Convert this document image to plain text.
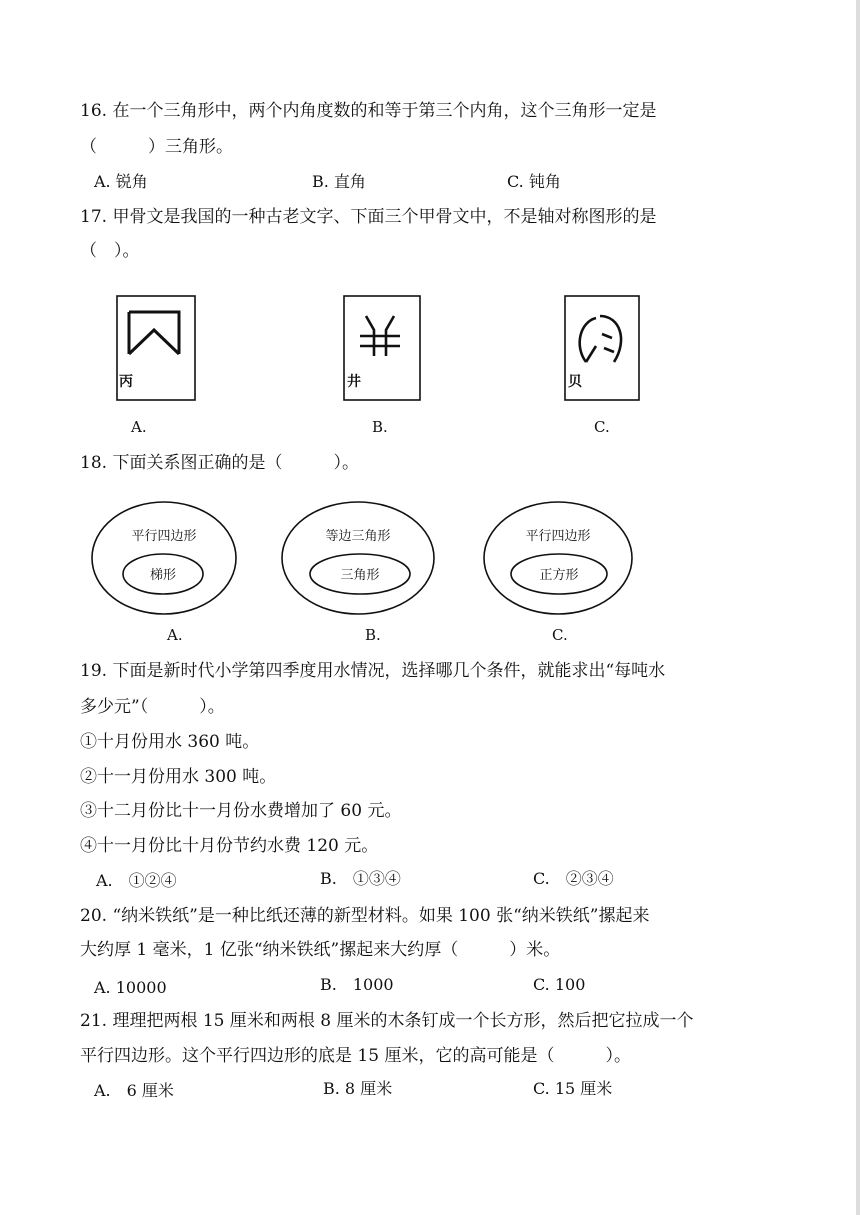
16. 在一个三角形中，两个内角度数的和等于第三个内角，这个三角形一定是
（　　　）三角形。
A. 锐角	B. 直角	C. 钝角
17. 甲骨文是我国的一种古老文字、下面三个甲骨文中，不是轴对称图形的是
（　）。
丙	井	贝
A.	B.	C.
18. 下面关系图正确的是（　　　）。
平行四边形
梯形
等边三角形
三角形
平行四边形
正方形
A.	B.	C.
19. 下面是新时代小学第四季度用水情况，选择哪几个条件，就能求出“每吨水
多少元”（　　　）。
①十月份用水 360 吨。
②十一月份用水 300 吨。
③十二月份比十一月份水费增加了 60 元。
④十一月份比十月份节约水费 120 元。
A.　①②④	B.　①③④	C.　②③④
20. “纳米铁纸”是一种比纸还薄的新型材料。如果 100 张“纳米铁纸”摞起来
大约厚 1 毫米，1 亿张“纳米铁纸”摞起来大约厚（　　　）米。
A. 10000	B.　1000	C. 100
21. 理理把两根 15 厘米和两根 8 厘米的木条钉成一个长方形，然后把它拉成一个
平行四边形。这个平行四边形的底是 15 厘米，它的高可能是（　　　）。
A.　6 厘米	B. 8 厘米	C. 15 厘米
